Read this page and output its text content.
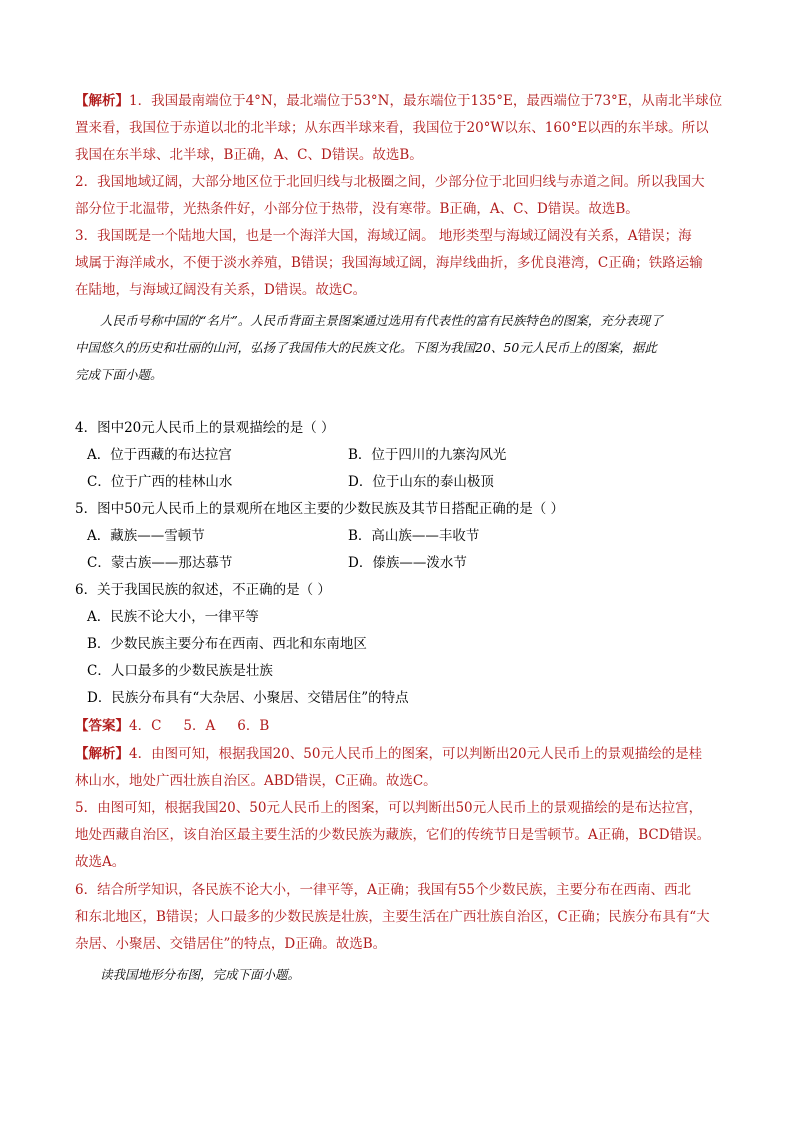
【解析】1．我国最南端位于4°N，最北端位于53°N，最东端位于135°E，最西端位于73°E，从南北半球位
置来看，我国位于赤道以北的北半球；从东西半球来看，我国位于20°W以东、160°E以西的东半球。所以
我国在东半球、北半球，B正确，A、C、D错误。故选B。
2．我国地域辽阔，大部分地区位于北回归线与北极圈之间，少部分位于北回归线与赤道之间。所以我国大
部分位于北温带，光热条件好，小部分位于热带，没有寒带。B正确，A、C、D错误。故选B。
3．我国既是一个陆地大国，也是一个海洋大国，海域辽阔。 地形类型与海域辽阔没有关系，A错误；海
域属于海洋咸水，不便于淡水养殖，B错误；我国海域辽阔，海岸线曲折，多优良港湾，C正确；铁路运输
在陆地，与海域辽阔没有关系，D错误。故选C。
人民币号称中国的“名片”。人民币背面主景图案通过选用有代表性的富有民族特色的图案，充分表现了
中国悠久的历史和壮丽的山河，弘扬了我国伟大的民族文化。下图为我国20、50元人民币上的图案，据此
完成下面小题。
4．图中20元人民币上的景观描绘的是（ ）
A．位于西藏的布达拉宫	B．位于四川的九寨沟风光
C．位于广西的桂林山水	D．位于山东的泰山极顶
5．图中50元人民币上的景观所在地区主要的少数民族及其节日搭配正确的是（ ）
A．藏族——雪顿节	B．高山族——丰收节
C．蒙古族——那达慕节	D．傣族——泼水节
6．关于我国民族的叙述，不正确的是（ ）
A．民族不论大小，一律平等
B．少数民族主要分布在西南、西北和东南地区
C．人口最多的少数民族是壮族
D．民族分布具有“大杂居、小聚居、交错居住”的特点
【答案】4．C 5．A 6．B
【解析】4．由图可知，根据我国20、50元人民币上的图案，可以判断出20元人民币上的景观描绘的是桂
林山水，地处广西壮族自治区。ABD错误，C正确。故选C。
5．由图可知，根据我国20、50元人民币上的图案，可以判断出50元人民币上的景观描绘的是布达拉宫，
地处西藏自治区，该自治区最主要生活的少数民族为藏族，它们的传统节日是雪顿节。A正确，BCD错误。
故选A。
6．结合所学知识，各民族不论大小，一律平等，A正确；我国有55个少数民族，主要分布在西南、西北
和东北地区，B错误；人口最多的少数民族是壮族，主要生活在广西壮族自治区，C正确；民族分布具有“大
杂居、小聚居、交错居住”的特点，D正确。故选B。
读我国地形分布图，完成下面小题。
